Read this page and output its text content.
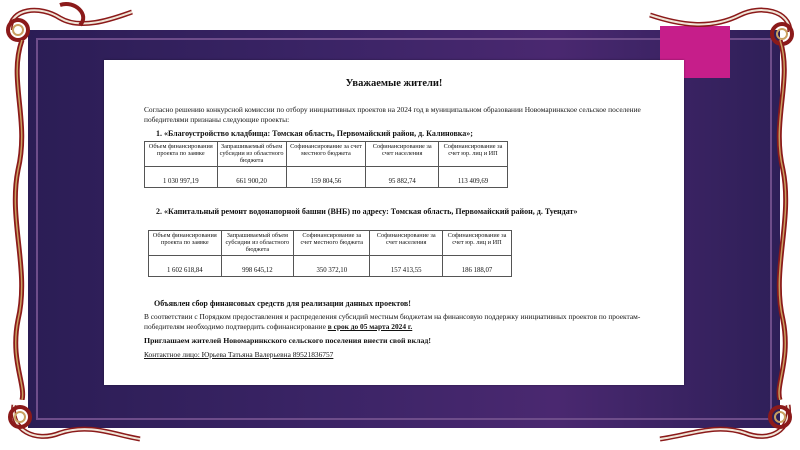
Уважаемые жители!
Согласно решению конкурсной комиссии по отбору инициативных проектов на 2024 год в муниципальном образовании Новомаринкское сельское поселение победителями признаны следующие проекты:
1. «Благоустройство кладбища: Томская область, Первомайский район, д. Калиновка»;
Объем финансирования проекта по заявке	Запрашиваемый объем субсидии из областного бюджета	Софинансирование за счет местного бюджета	Софинансирование за счет населения	Софинансирование за счет юр. лиц и ИП
1 030 997,19	661 900,20	159 804,56	95 882,74	113 409,69
2. «Капитальный ремонт водонапорной башни (ВНБ) по адресу: Томская область, Первомайский район, д. Туендат»
Объем финансирования проекта по заявке	Запрашиваемый объем субсидии из областного бюджета	Софинансирование за счет местного бюджета	Софинансирование за счет населения	Софинансирование за счет юр. лиц и ИП
1 602 618,84	998 645,12	350 372,10	157 413,55	186 188,07
Объявлен сбор финансовых средств для реализации данных проектов!
В соответствии с Порядком предоставления и распределения субсидий местным бюджетам на финансовую поддержку инициативных проектов по проектам-победителям необходимо подтвердить софинансирование в срок до 05 марта 2024 г.
Приглашаем жителей Новомаринкского сельского поселения внести свой вклад!
Контактное лицо: Юрьева Татьяна Валерьевна 89521836757
